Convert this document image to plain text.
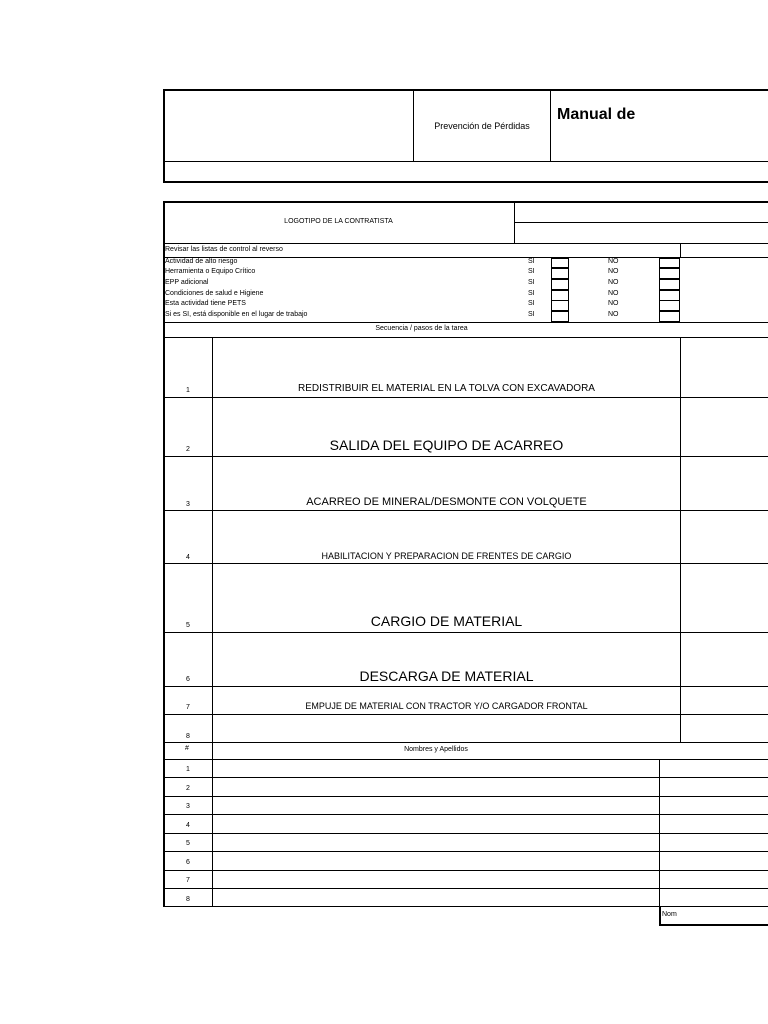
Prevención de Pérdidas
Manual de
LOGOTIPO DE LA CONTRATISTA
Revisar las listas de control al reverso
Actividad de alto riesgo	SI	NO
Herramienta o Equipo Crítico	SI	NO
EPP adicional	SI	NO
Condiciones de salud e Higiene	SI	NO
Esta actividad tiene PETS	SI	NO
Si es SI, está disponible en el lugar de trabajo	SI	NO
Secuencia / pasos de la tarea
1	REDISTRIBUIR EL MATERIAL EN LA TOLVA CON EXCAVADORA
2	SALIDA DEL EQUIPO DE ACARREO
3	ACARREO DE MINERAL/DESMONTE CON VOLQUETE
4	HABILITACION Y PREPARACION DE FRENTES DE CARGIO
5	CARGIO DE MATERIAL
6	DESCARGA DE MATERIAL
7	EMPUJE DE MATERIAL CON TRACTOR Y/O CARGADOR FRONTAL
8
#	Nombres y Apellidos
1
2
3
4
5
6
7
8
Nom
